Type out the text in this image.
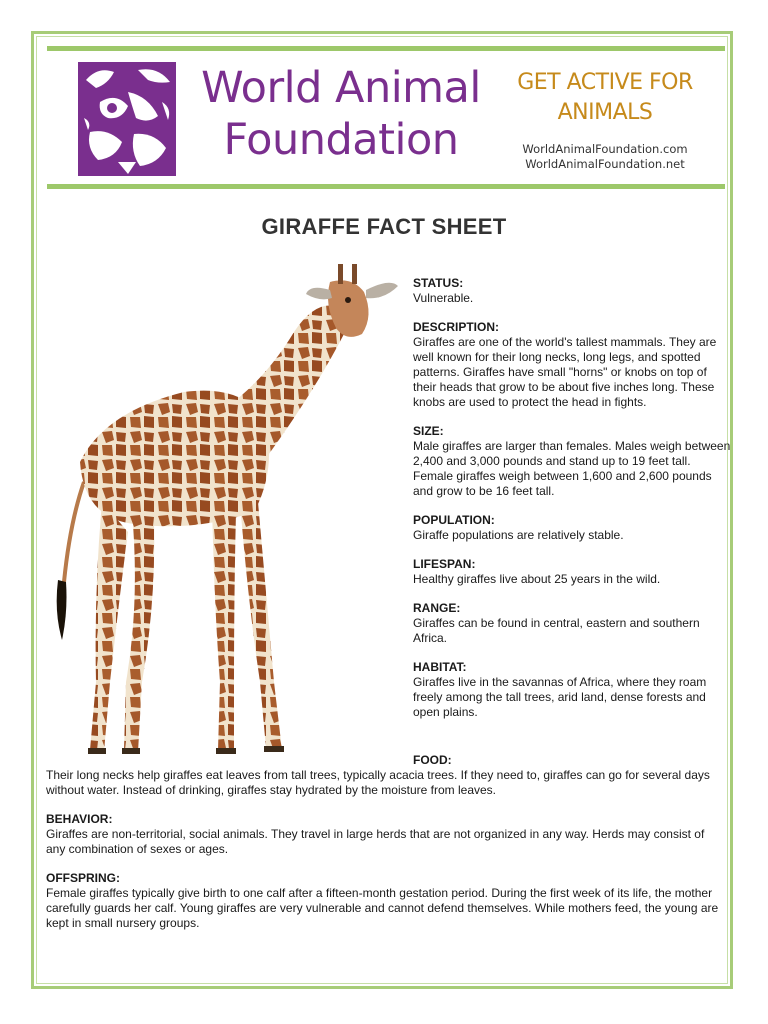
World Animal
Foundation
GET ACTIVE FOR
ANIMALS
WorldAnimalFoundation.com
WorldAnimalFoundation.net
GIRAFFE FACT SHEET
STATUS:
Vulnerable.
DESCRIPTION:
Giraffes are one of the world's tallest mammals. They are well known for their long necks, long legs, and spotted patterns. Giraffes have small "horns" or knobs on top of their heads that grow to be about five inches long. These knobs are used to protect the head in fights.
SIZE:
Male giraffes are larger than females. Males weigh between 2,400 and 3,000 pounds and stand up to 19 feet tall. Female giraffes weigh between 1,600 and 2,600 pounds and grow to be 16 feet tall.
POPULATION:
Giraffe populations are relatively stable.
LIFESPAN:
Healthy giraffes live about 25 years in the wild.
RANGE:
Giraffes can be found in central, eastern and southern Africa.
HABITAT:
Giraffes live in the savannas of Africa, where they roam freely among the tall trees, arid land, dense forests and open plains.
FOOD:
Their long necks help giraffes eat leaves from tall trees, typically acacia trees. If they need to, giraffes can go for several days without water. Instead of drinking, giraffes stay hydrated by the moisture from leaves.
BEHAVIOR:
Giraffes are non-territorial, social animals. They travel in large herds that are not organized in any way. Herds may consist of any combination of sexes or ages.
OFFSPRING:
Female giraffes typically give birth to one calf after a fifteen-month gestation period. During the first week of its life, the mother carefully guards her calf. Young giraffes are very vulnerable and cannot defend themselves. While mothers feed, the young are kept in small nursery groups.
